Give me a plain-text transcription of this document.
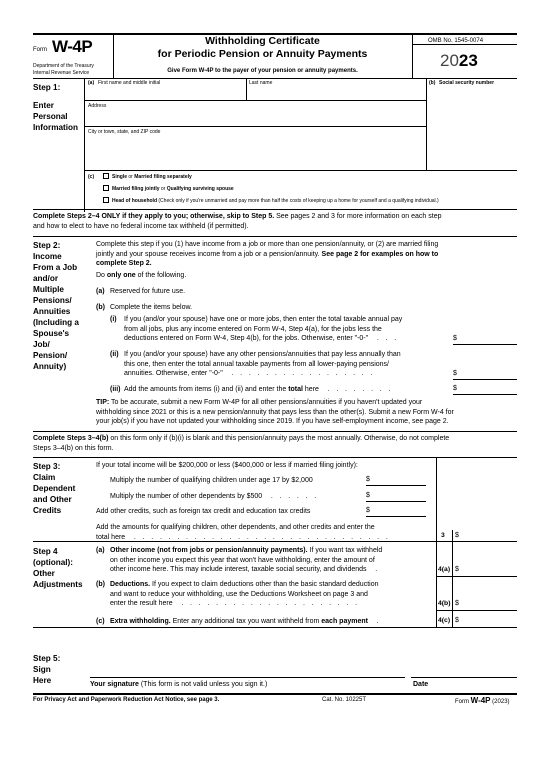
Form W-4P
Department of the Treasury
Internal Revenue Service
Withholding Certificate
for Periodic Pension or Annuity Payments
Give Form W-4P to the payer of your pension or annuity payments.
OMB No. 1545-0074
2023
Step 1:
Enter
Personal
Information
(a) First name and middle initial	Last name	(b) Social security number
Address
City or town, state, and ZIP code
(c)	Single or Married filing separately
Married filing jointly or Qualifying surviving spouse
Head of household (Check only if you're unmarried and pay more than half the costs of keeping up a home for yourself and a qualifying individual.)
Complete Steps 2–4 ONLY if they apply to you; otherwise, skip to Step 5. See pages 2 and 3 for more information on each step
and how to elect to have no federal income tax withheld (if permitted).
Step 2:
Income
From a Job
and/or
Multiple
Pensions/
Annuities
(Including a
Spouse's
Job/
Pension/
Annuity)
Complete this step if you (1) have income from a job or more than one pension/annuity, or (2) are married filing
jointly and your spouse receives income from a job or a pension/annuity. See page 2 for examples on how to
complete Step 2.
Do only one of the following.
(a) Reserved for future use.
(b) Complete the items below.
(i) If you (and/or your spouse) have one or more jobs, then enter the total taxable annual pay
from all jobs, plus any income entered on Form W-4, Step 4(a), for the jobs less the
deductions entered on Form W-4, Step 4(b), for the jobs. Otherwise, enter "-0-"  . . .	$
(ii) If you (and/or your spouse) have any other pensions/annuities that pay less annually than
this one, then enter the total annual taxable payments from all lower-paying pensions/
annuities. Otherwise, enter "-0-"  . . . . . . . . . . . . . . . . .	$
(iii) Add the amounts from items (i) and (ii) and enter the total here  . . . . . . . .	$
TIP: To be accurate, submit a new Form W-4P for all other pensions/annuities if you haven't updated your
withholding since 2021 or this is a new pension/annuity that pays less than the other(s). Submit a new Form W-4 for
your job(s) if you have not updated your withholding since 2019. If you have self-employment income, see page 2.
Complete Steps 3–4(b) on this form only if (b)(i) is blank and this pension/annuity pays the most annually. Otherwise, do not complete
Steps 3–4(b) on this form.
Step 3:
Claim
Dependent
and Other
Credits
If your total income will be $200,000 or less ($400,000 or less if married filing jointly):
Multiply the number of qualifying children under age 17 by $2,000	$
Multiply the number of other dependents by $500  . . . . . .	$
Add other credits, such as foreign tax credit and education tax credits	$
Add the amounts for qualifying children, other dependents, and other credits and enter the
total here  . . . . . . . . . . . . . . . . . . . . . . . . . . . . . .	3 $
Step 4
(optional):
Other
Adjustments
(a) Other income (not from jobs or pension/annuity payments). If you want tax withheld
on other income you expect this year that won't have withholding, enter the amount of
other income here. This may include interest, taxable social security, and dividends  .	4(a) $
(b) Deductions. If you expect to claim deductions other than the basic standard deduction
and want to reduce your withholding, use the Deductions Worksheet on page 3 and
enter the result here  . . . . . . . . . . . . . . . . . . . . .	4(b) $
(c) Extra withholding. Enter any additional tax you want withheld from each payment  .	4(c) $
Step 5:
Sign
Here	Your signature (This form is not valid unless you sign it.)	Date
For Privacy Act and Paperwork Reduction Act Notice, see page 3.	Cat. No. 10225T	Form W-4P (2023)
